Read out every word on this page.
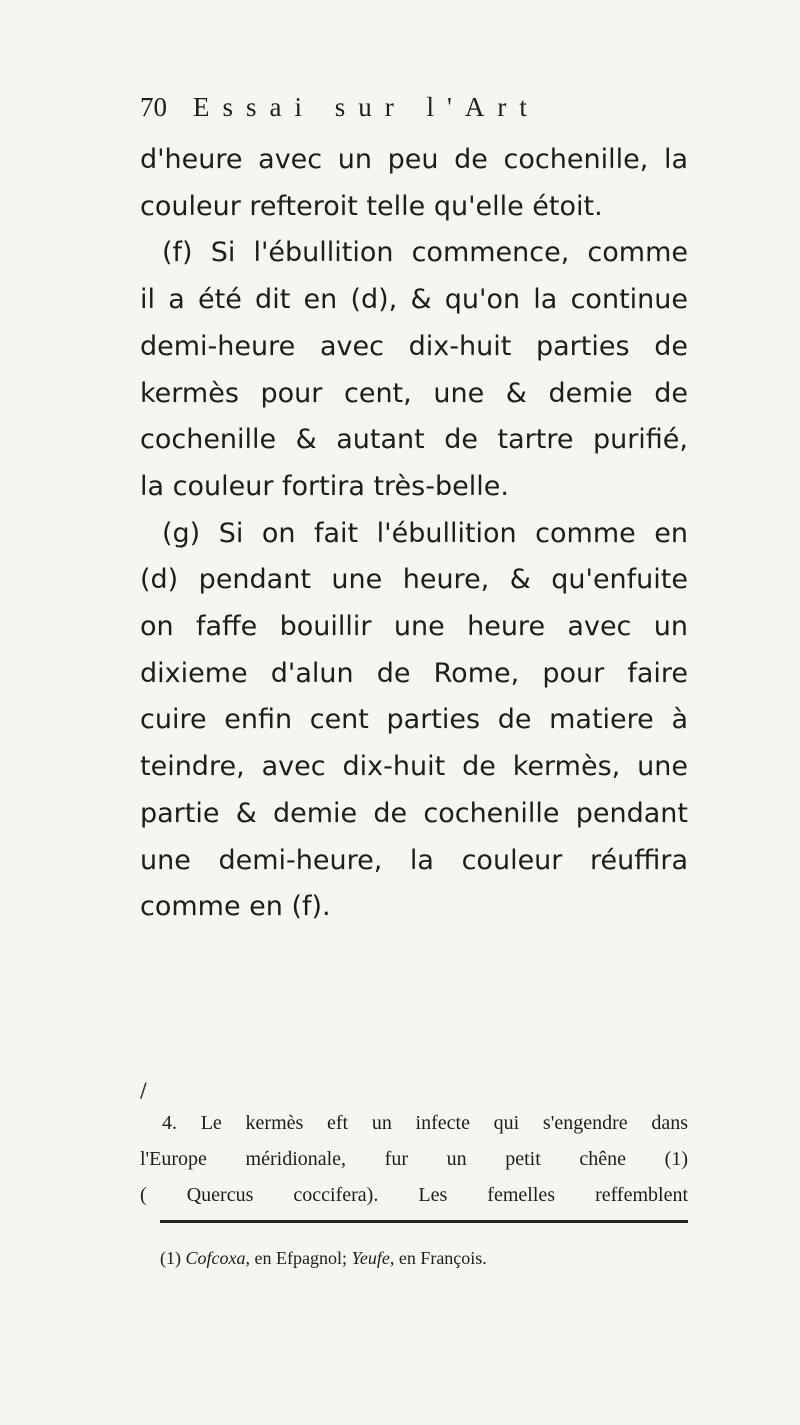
70 Essai sur l'Art
d'heure avec un peu de cochenille, la
couleur refteroit telle qu'elle étoit.
(f) Si l'ébullition commence, comme
il a été dit en (d), & qu'on la continue
demi-heure avec dix-huit parties de
kermès pour cent, une & demie de
cochenille & autant de tartre purifié,
la couleur fortira très-belle.
(g) Si on fait l'ébullition comme en
(d) pendant une heure, & qu'enfuite
on faffe bouillir une heure avec un
dixieme d'alun de Rome, pour faire
cuire enfin cent parties de matiere à
teindre, avec dix-huit de kermès, une
partie & demie de cochenille pendant
une demi-heure, la couleur réuffira
comme en (f).
/
4. Le kermès eft un infecte qui s'engendre dans
l'Europe méridionale, fur un petit chêne (1)
( Quercus coccifera). Les femelles reffemblent
(1) Cofcoxa, en Efpagnol; Yeufe, en François.
